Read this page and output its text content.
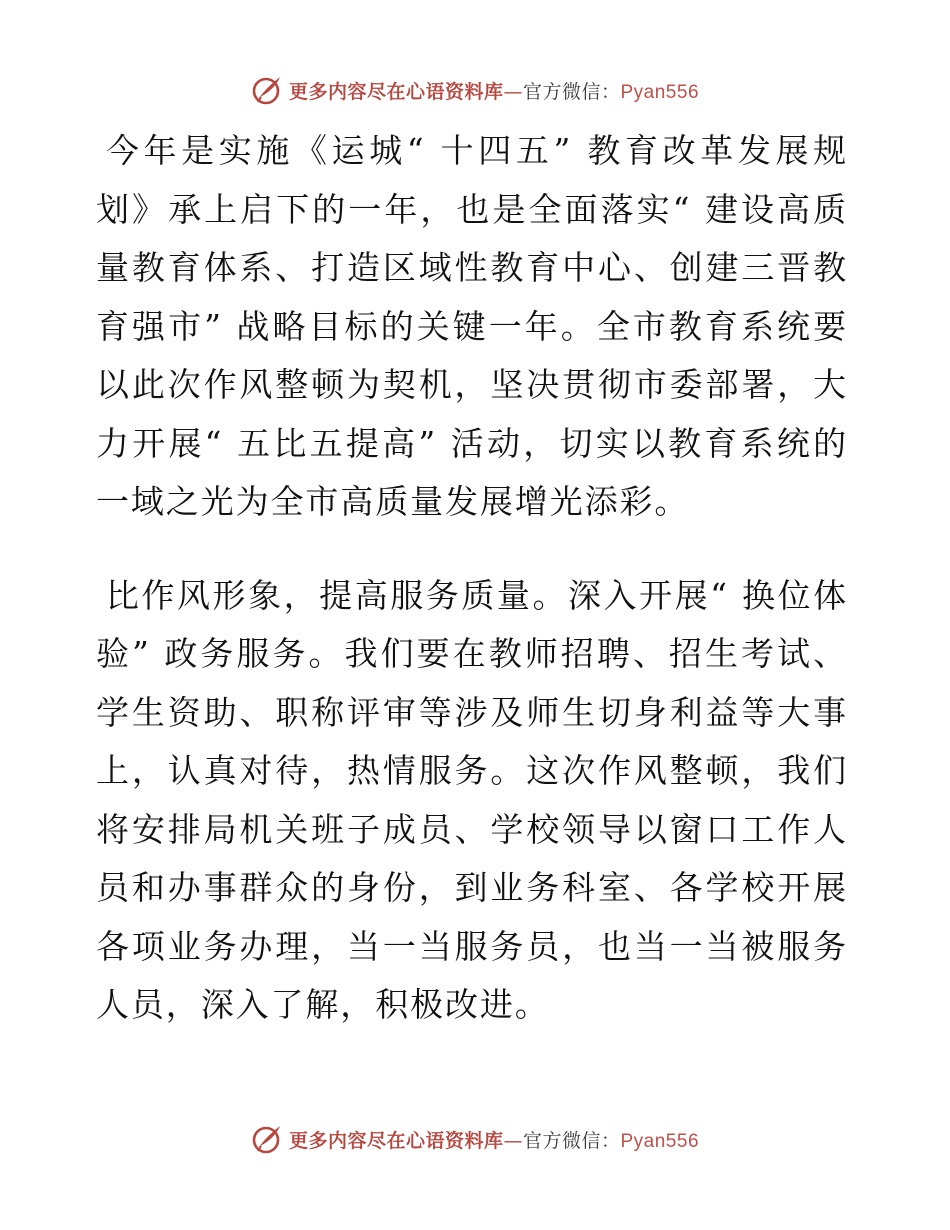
更多内容尽在心语资料库—官方微信：Pyan556

今年是实施《运城“ 十四五” 教育改革发展规划》承上启下的一年，也是全面落实“ 建设高质量教育体系、打造区域性教育中心、创建三晋教育强市” 战略目标的关键一年。全市教育系统要以此次作风整顿为契机，坚决贯彻市委部署，大力开展“ 五比五提高” 活动，切实以教育系统的一域之光为全市高质量发展增光添彩。

比作风形象，提高服务质量。深入开展“ 换位体验” 政务服务。我们要在教师招聘、招生考试、学生资助、职称评审等涉及师生切身利益等大事上，认真对待，热情服务。这次作风整顿，我们将安排局机关班子成员、学校领导以窗口工作人员和办事群众的身份，到业务科室、各学校开展各项业务办理，当一当服务员，也当一当被服务人员，深入了解，积极改进。

更多内容尽在心语资料库—官方微信：Pyan556
